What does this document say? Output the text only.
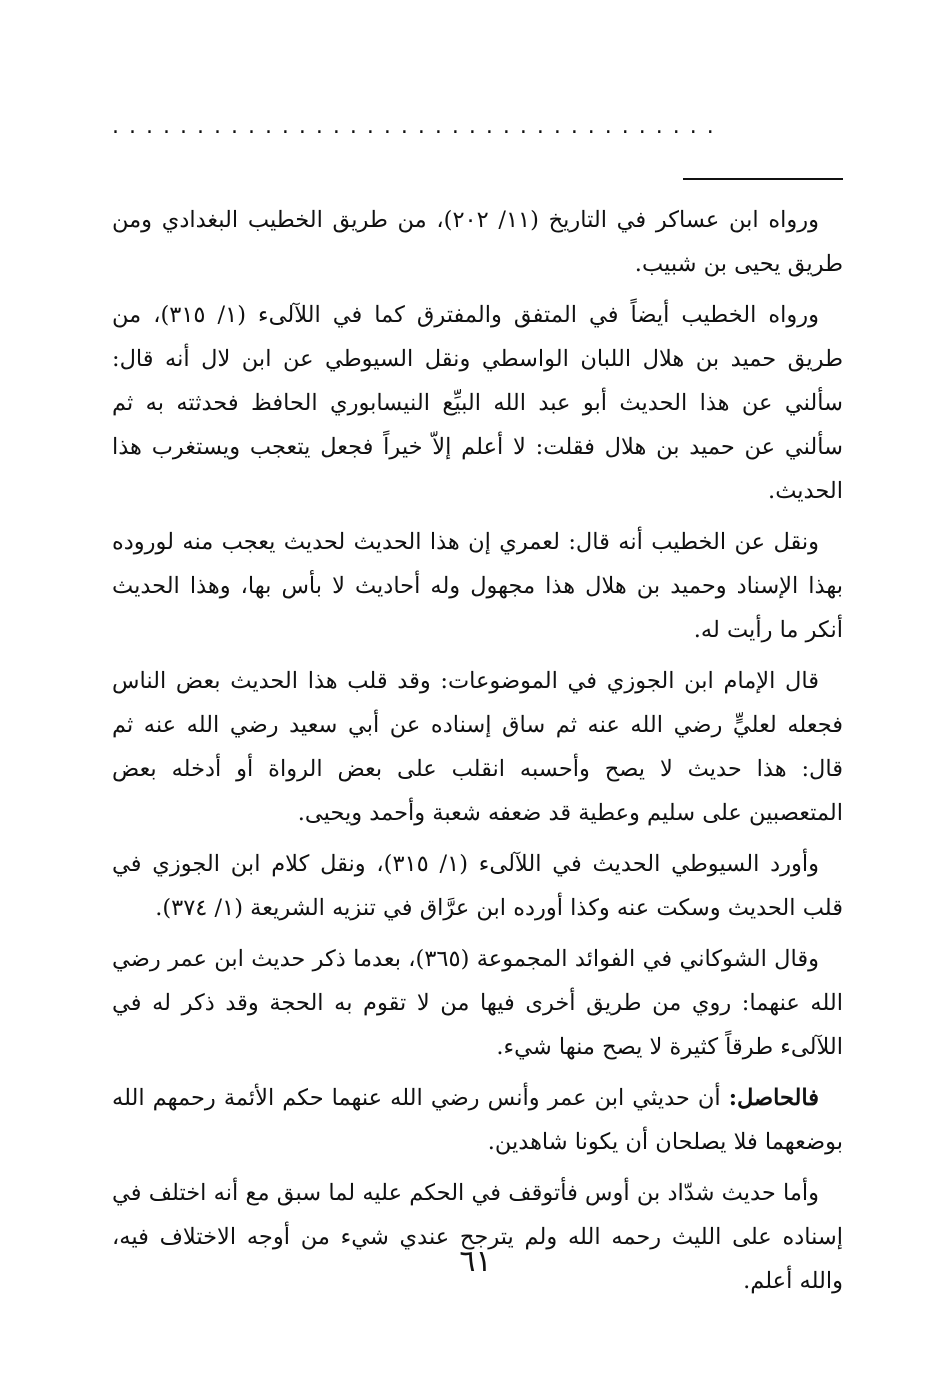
....................................

ورواه ابن عساكر في التاريخ (١١/ ٢٠٢)، من طريق الخطيب البغدادي ومن طريق يحيى بن شبيب.

ورواه الخطيب أيضاً في المتفق والمفترق كما في اللآلىء (١/ ٣١٥)، من طريق حميد بن هلال اللبان الواسطي ونقل السيوطي عن ابن لال أنه قال: سألني عن هذا الحديث أبو عبد الله البيِّع النيسابوري الحافظ فحدثته به ثم سألني عن حميد بن هلال فقلت: لا أعلم إلاّ خيراً فجعل يتعجب ويستغرب هذا الحديث.

ونقل عن الخطيب أنه قال: لعمري إن هذا الحديث لحديث يعجب منه لوروده بهذا الإسناد وحميد بن هلال هذا مجهول وله أحاديث لا بأس بها، وهذا الحديث أنكر ما رأيت له.

قال الإمام ابن الجوزي في الموضوعات: وقد قلب هذا الحديث بعض الناس فجعله لعليٍّ رضي الله عنه ثم ساق إسناده عن أبي سعيد رضي الله عنه ثم قال: هذا حديث لا يصح وأحسبه انقلب على بعض الرواة أو أدخله بعض المتعصبين على سليم وعطية قد ضعفه شعبة وأحمد ويحيى.

وأورد السيوطي الحديث في اللآلىء (١/ ٣١٥)، ونقل كلام ابن الجوزي في قلب الحديث وسكت عنه وكذا أورده ابن عرَّاق في تنزيه الشريعة (١/ ٣٧٤).

وقال الشوكاني في الفوائد المجموعة (٣٦٥)، بعدما ذكر حديث ابن عمر رضي الله عنهما: روي من طريق أخرى فيها من لا تقوم به الحجة وقد ذكر له في اللآلىء طرقاً كثيرة لا يصح منها شيء.

فالحاصل: أن حديثي ابن عمر وأنس رضي الله عنهما حكم الأئمة رحمهم الله بوضعهما فلا يصلحان أن يكونا شاهدين.

وأما حديث شدّاد بن أوس فأتوقف في الحكم عليه لما سبق مع أنه اختلف في إسناده على الليث رحمه الله ولم يترجح عندي شيء من أوجه الاختلاف فيه، والله أعلم.

٦١
